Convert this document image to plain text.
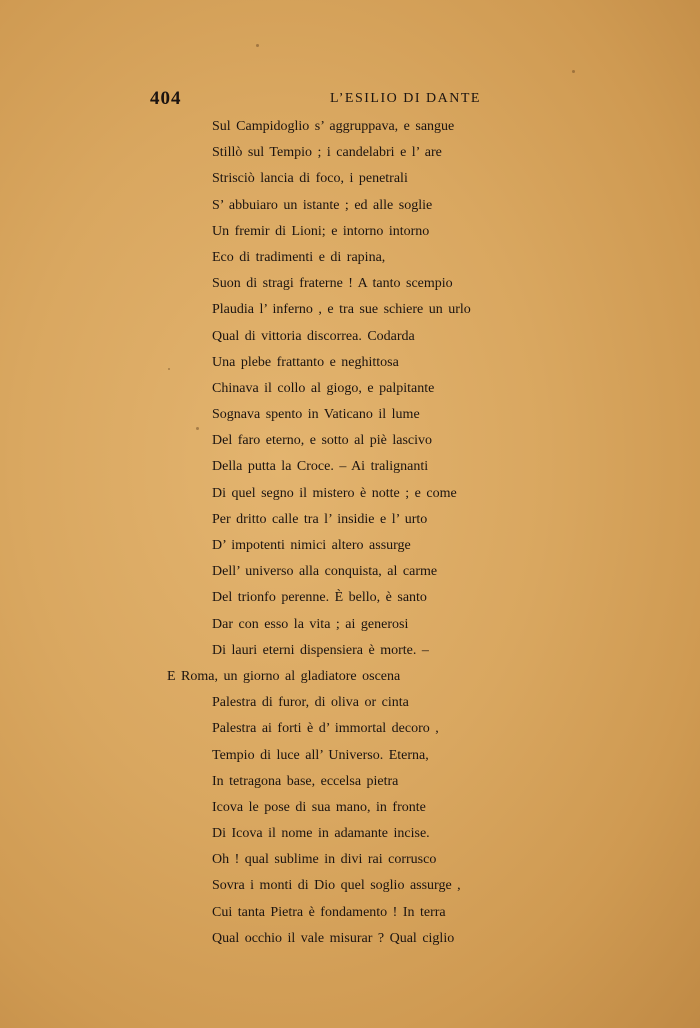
404	L’ESILIO DI DANTE
Sul Campidoglio s’ aggruppava, e sangue
Stillò sul Tempio ; i candelabri e l’ are
Strisciò lancia di foco, i penetrali
S’ abbuiaro un istante ; ed alle soglie
Un fremir di Lioni; e intorno intorno
Eco di tradimenti e di rapina,
Suon di stragi fraterne ! A tanto scempio
Plaudia l’ inferno , e tra sue schiere un urlo
Qual di vittoria discorrea. Codarda
Una plebe frattanto e neghittosa
Chinava il collo al giogo, e palpitante
Sognava spento in Vaticano il lume
Del faro eterno, e sotto al piè lascivo
Della putta la Croce. – Ai tralignanti
Di quel segno il mistero è notte ; e come
Per dritto calle tra l’ insidie e l’ urto
D’ impotenti nimici altero assurge
Dell’ universo alla conquista, al carme
Del trionfo perenne. È bello, è santo
Dar con esso la vita ; ai generosi
Di lauri eterni dispensiera è morte. –
E Roma, un giorno al gladiatore oscena
Palestra di furor, di oliva or cinta
Palestra ai forti è d’ immortal decoro ,
Tempio di luce all’ Universo. Eterna,
In tetragona base, eccelsa pietra
Icova le pose di sua mano, in fronte
Di Icova il nome in adamante incise.
Oh ! qual sublime in divi rai corrusco
Sovra i monti di Dio quel soglio assurge ,
Cui tanta Pietra è fondamento ! In terra
Qual occhio il vale misurar ? Qual ciglio
